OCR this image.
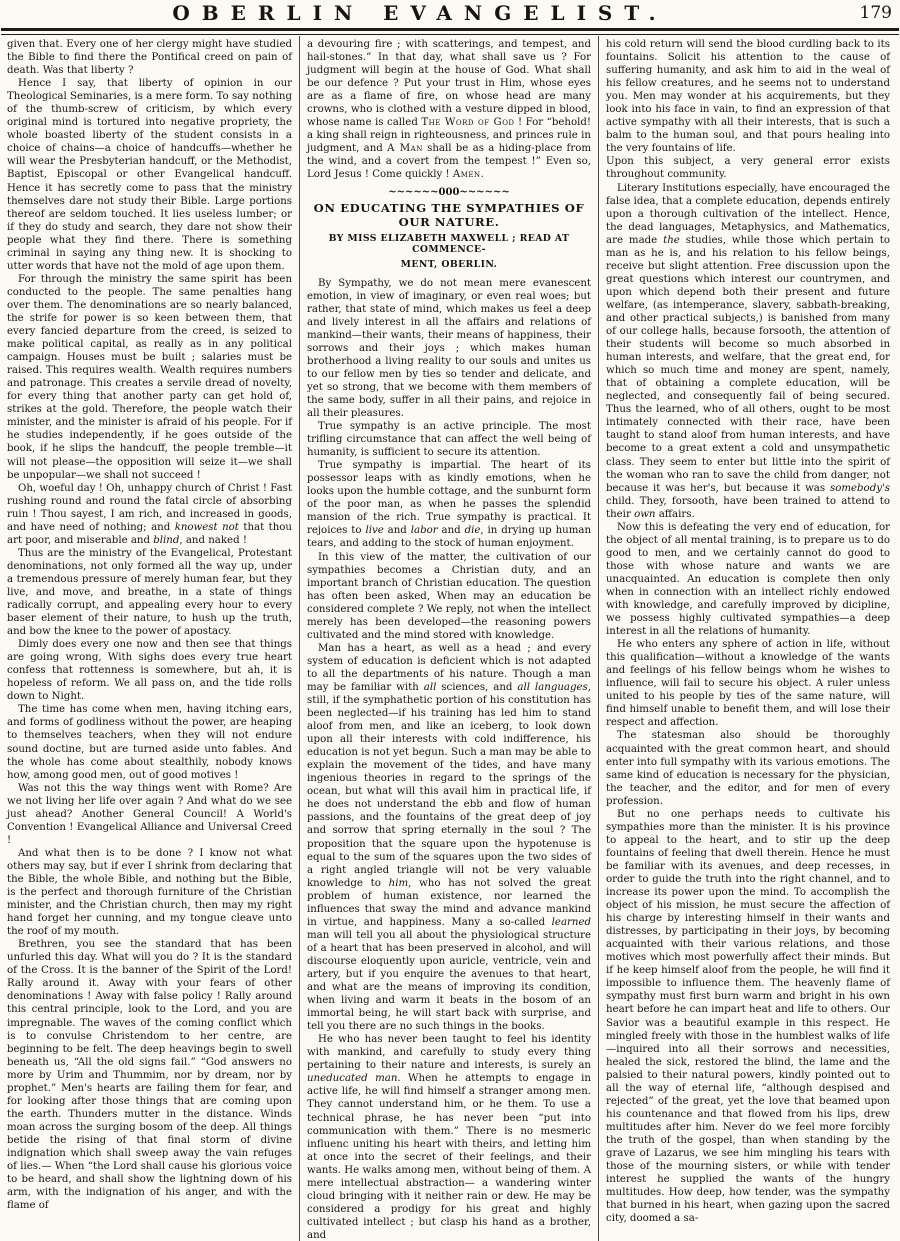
OBERLIN EVANGELIST.	179

given that. Every one of her clergy might have studied the Bible to find there the Pontifical creed on pain of death. Was that liberty ?

Hence I say, that liberty of opinion in our Theological Seminaries, is a mere form. To say nothing of the thumb-screw of criticism, by which every original mind is tortured into negative propriety, the whole boasted liberty of the student consists in a choice of chains—a choice of handcuffs—whether he will wear the Presbyterian handcuff, or the Methodist, Baptist, Episcopal or other Evangelical handcuff. Hence it has secretly come to pass that the ministry themselves dare not study their Bible. Large portions thereof are seldom touched. It lies useless lumber; or if they do study and search, they dare not show their people what they find there. There is something criminal in saying any thing new. It is shocking to utter words that have not the mold of age upon them.

For through the ministry the same spirit has been conducted to the people. The same penalties hang over them. The denominations are so nearly balanced, the strife for power is so keen between them, that every fancied departure from the creed, is seized to make political capital, as really as in any political campaign. Houses must be built ; salaries must be raised. This requires wealth. Wealth requires numbers and patronage. This creates a servile dread of novelty, for every thing that another party can get hold of, strikes at the gold. Therefore, the people watch their minister, and the minister is afraid of his people. For if he studies independently, if he goes outside of the book, if he slips the handcuff, the people tremble—it will not please—the opposition will seize it—we shall be unpopular—we shall not succeed !

Oh, woeful day ! Oh, unhappy church of Christ ! Fast rushing round and round the fatal circle of absorbing ruin ! Thou sayest, I am rich, and increased in goods, and have need of nothing; and knowest not that thou art poor, and miserable and blind, and naked !

Thus are the ministry of the Evangelical, Protestant denominations, not only formed all the way up, under a tremendous pressure of merely human fear, but they live, and move, and breathe, in a state of things radically corrupt, and appealing every hour to every baser element of their nature, to hush up the truth, and bow the knee to the power of apostacy.

Dimly does every one now and then see that things are going wrong, With sighs does every true heart confess that rottenness is somewhere, but ah, it is hopeless of reform. We all pass on, and the tide rolls down to Night.

The time has come when men, having itching ears, and forms of godliness without the power, are heaping to themselves teachers, when they will not endure sound doctine, but are turned aside unto fables. And the whole has come about stealthily, nobody knows how, among good men, out of good motives !

Was not this the way things went with Rome? Are we not living her life over again ? And what do we see just ahead? Another General Council! A World's Convention ! Evangelical Alliance and Universal Creed !

And what then is to be done ? I know not what others may say, but if ever I shrink from declaring that the Bible, the whole Bible, and nothing but the Bible, is the perfect and thorough furniture of the Christian minister, and the Christian church, then may my right hand forget her cunning, and my tongue cleave unto the roof of my mouth.

Brethren, you see the standard that has been unfurled this day. What will you do ? It is the standard of the Cross. It is the banner of the Spirit of the Lord! Rally around it. Away with your fears of other denominations ! Away with false policy ! Rally around this central principle, look to the Lord, and you are impregnable. The waves of the coming conflict which is to convulse Christendom to her centre, are beginning to be felt. The deep heavings begin to swell beneath us, “All the old signs fail.” “God answers no more by Urim and Thummim, nor by dream, nor by prophet.” Men's hearts are failing them for fear, and for looking after those things that are coming upon the earth. Thunders mutter in the distance. Winds moan across the surging bosom of the deep. All things betide the rising of that final storm of divine indignation which shall sweep away the vain refuges of lies.— When “the Lord shall cause his glorious voice to be heard, and shall show the lightning down of his arm, with the indignation of his anger, and with the flame of

a devouring fire ; with scatterings, and tempest, and hail-stones.” In that day, what shall save us ? For judgment will begin at the house of God. What shall be our defence ? Put your trust in Him, whose eyes are as a flame of fire, on whose head are many crowns, who is clothed with a vesture dipped in blood, whose name is called The Word of God ! For “behold! a king shall reign in righteousness, and princes rule in judgment, and A Man shall be as a hiding-place from the wind, and a covert from the tempest !” Even so, Lord Jesus ! Come quickly ! Amen.

~~~~~~000~~~~~~

ON EDUCATING THE SYMPATHIES OF OUR NATURE.

BY MISS ELIZABETH MAXWELL ; READ AT COMMENCE-

MENT, OBERLIN.

By Sympathy, we do not mean mere evanescent emotion, in view of imaginary, or even real woes; but rather, that state of mind, which makes us feel a deep and lively interest in all the affairs and relations of mankind—their wants, their means of happiness, their sorrows and their joys ; which makes human brotherhood a living reality to our souls and unites us to our fellow men by ties so tender and delicate, and yet so strong, that we become with them members of the same body, suffer in all their pains, and rejoice in all their pleasures.

True sympathy is an active principle. The most trifling circumstance that can affect the well being of humanity, is sufficient to secure its attention.

True sympathy is impartial. The heart of its possessor leaps with as kindly emotions, when he looks upon the humble cottage, and the sunburnt form of the poor man, as when he passes the splendid mansion of the rich. True sympathy is practical. It rejoices to live and labor and die, in drying up human tears, and adding to the stock of human enjoyment.

In this view of the matter, the cultivation of our sympathies becomes a Christian duty, and an important branch of Christian education. The question has often been asked, When may an education be considered complete ? We reply, not when the intellect merely has been developed—the reasoning powers cultivated and the mind stored with knowledge.

Man has a heart, as well as a head ; and every system of education is deficient which is not adapted to all the departments of his nature. Though a man may be familiar with all sciences, and all languages, still, if the symphathetic portion of his constitution has been neglected—if his training has led him to stand aloof from men, and like an iceberg, to look down upon all their interests with cold indifference, his education is not yet begun. Such a man may be able to explain the movement of the tides, and have many ingenious theories in regard to the springs of the ocean, but what will this avail him in practical life, if he does not understand the ebb and flow of human passions, and the fountains of the great deep of joy and sorrow that spring eternally in the soul ? The proposition that the square upon the hypotenuse is equal to the sum of the squares upon the two sides of a right angled triangle will not be very valuable knowledge to him, who has not solved the great problem of human existence, nor learned the influences that sway the mind and advance mankind in virtue, and happiness. Many a so-called learned man will tell you all about the physiological structure of a heart that has been preserved in alcohol, and will discourse eloquently upon auricle, ventricle, vein and artery, but if you enquire the avenues to that heart, and what are the means of improving its condition, when living and warm it beats in the bosom of an immortal being, he will start back with surprise, and tell you there are no such things in the books.

He who has never been taught to feel his identity with mankind, and carefully to study every thing pertaining to their nature and interests, is surely an uneducated man. When he attempts to engage in active life, he will find himself a stranger among men. They cannot understand him, or he them. To use a technical phrase, he has never been “put into communication with them.” There is no mesmeric influenc uniting his heart with theirs, and letting him at once into the secret of their feelings, and their wants. He walks among men, without being of them. A mere intellectual abstraction— a wandering winter cloud bringing with it neither rain or dew. He may be considered a prodigy for his great and highly cultivated intellect ; but clasp his hand as a brother, and

his cold return will send the blood curdling back to its fountains. Solicit his attention to the cause of suffering humanity, and ask him to aid in the weal of his fellow creatures, and he seems not to understand you. Men may wonder at his acquirements, but they look into his face in vain, to find an expression of that active sympathy with all their interests, that is such a balm to the human soul, and that pours healing into the very fountains of life.

Upon this subject, a very general error exists throughout community.

Literary Institutions especially, have encouraged the false idea, that a complete education, depends entirely upon a thorough cultivation of the intellect. Hence, the dead languages, Metaphysics, and Mathematics, are made the studies, while those which pertain to man as he is, and his relation to his fellow beings, receive but slight attention. Free discussion upon the great questions which interest our countrymen, and upon which depend both their present and future welfare, (as intemperance, slavery, sabbath-breaking, and other practical subjects,) is banished from many of our college halls, because forsooth, the attention of their students will become so much absorbed in human interests, and welfare, that the great end, for which so much time and money are spent, namely, that of obtaining a complete education, will be neglected, and consequently fail of being secured. Thus the learned, who of all others, ought to be most intimately connected with their race, have been taught to stand aloof from human interests, and have become to a great extent a cold and unsympathetic class. They seem to enter but little into the spirit of the woman who ran to save the child from danger, not because it was her's, but because it was somebody's child. They, forsooth, have been trained to attend to their own affairs.

Now this is defeating the very end of education, for the object of all mental training, is to prepare us to do good to men, and we certainly cannot do good to those with whose nature and wants we are unacquainted. An education is complete then only when in connection with an intellect richly endowed with knowledge, and carefully improved by dicipline, we possess highly cultivated sympathies—a deep interest in all the relations of humanity.

He who enters any sphere of action in life, without this qualification—without a knowledge of the wants and feelings of his fellow beings whom he wishes to influence, will fail to secure his object. A ruler unless united to his people by ties of the same nature, will find himself unable to benefit them, and will lose their respect and affection.

The statesman also should be thoroughly acquainted with the great common heart, and should enter into full sympathy with its various emotions. The same kind of education is necessary for the physician, the teacher, and the editor, and for men of every profession.

But no one perhaps needs to cultivate his sympathies more than the minister. It is his province to appeal to the heart, and to stir up the deep fountains of feeling that dwell therein. Hence he must be familiar with its avenues, and deep recesses, in order to guide the truth into the right channel, and to increase its power upon the mind. To accomplish the object of his mission, he must secure the affection of his charge by interesting himself in their wants and distresses, by participating in their joys, by becoming acquainted with their various relations, and those motives which most powerfully affect their minds. But if he keep himself aloof from the people, he will find it impossible to influence them. The heavenly flame of sympathy must first burn warm and bright in his own heart before he can impart heat and life to others. Our Savior was a beautiful example in this respect. He mingled freely with those in the humblest walks of life—inquired into all their sorrows and necessities, healed the sick, restored the blind, the lame and the palsied to their natural powers, kindly pointed out to all the way of eternal life, “although despised and rejected” of the great, yet the love that beamed upon his countenance and that flowed from his lips, drew multitudes after him. Never do we feel more forcibly the truth of the gospel, than when standing by the grave of Lazarus, we see him mingling his tears with those of the mourning sisters, or while with tender interest he supplied the wants of the hungry multitudes. How deep, how tender, was the sympathy that burned in his heart, when gazing upon the sacred city, doomed a sa-
